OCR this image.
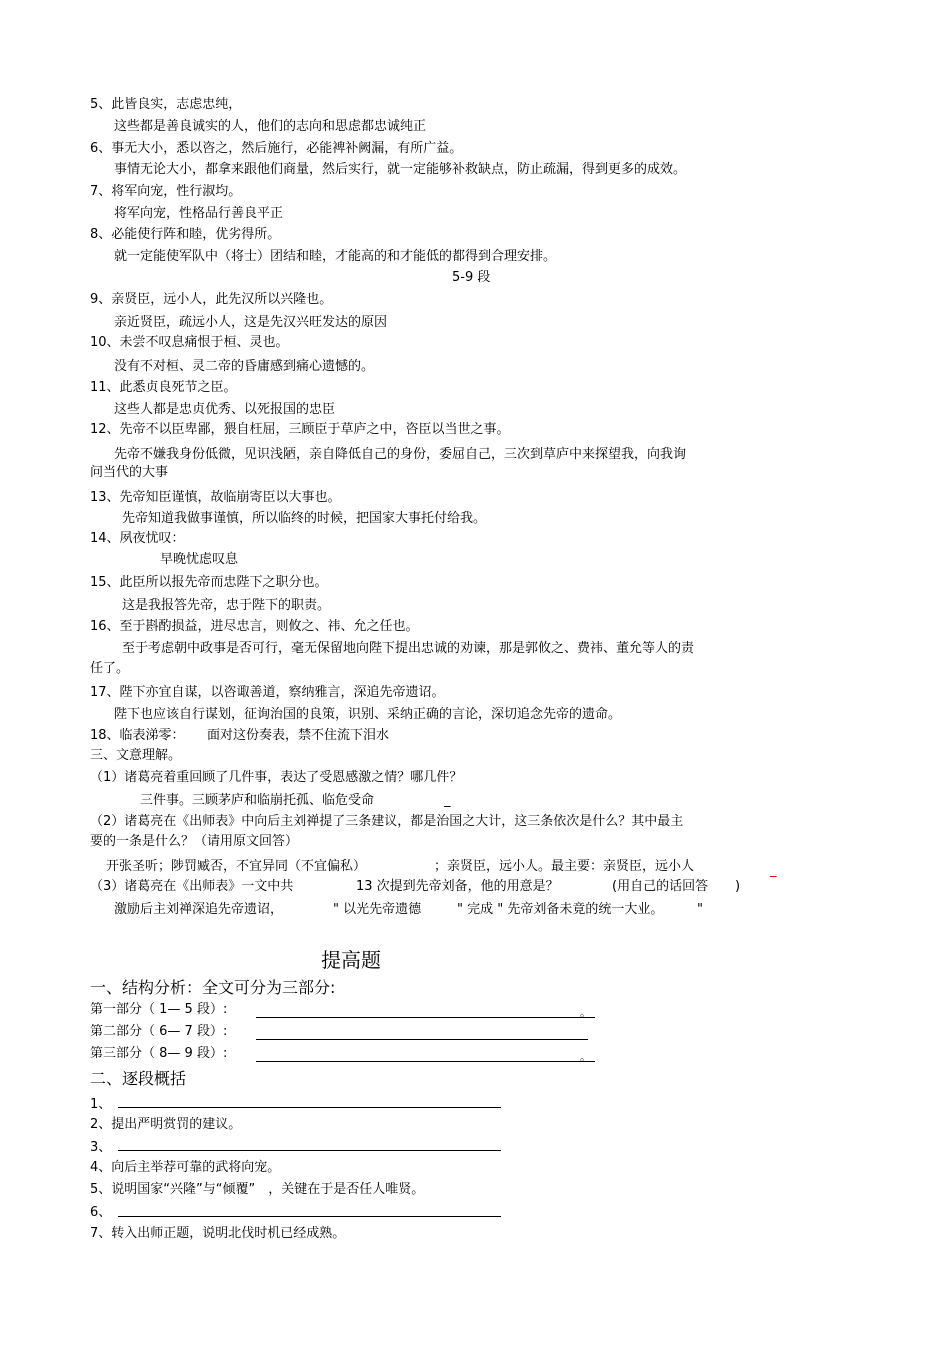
5、此皆良实，志虑忠纯，
这些都是善良诚实的人，他们的志向和思虑都忠诚纯正
6、事无大小，悉以咨之，然后施行，必能裨补阙漏，有所广益。
事情无论大小，都拿来跟他们商量，然后实行，就一定能够补救缺点，防止疏漏，得到更多的成效。
7、将军向宠，性行淑均。
将军向宠，性格品行善良平正
8、必能使行阵和睦，优劣得所。
就一定能使军队中（将士）团结和睦，才能高的和才能低的都得到合理安排。
5-9 段
9、亲贤臣，远小人，此先汉所以兴隆也。
亲近贤臣，疏远小人，这是先汉兴旺发达的原因
10、未尝不叹息痛恨于桓、灵也。
没有不对桓、灵二帝的昏庸感到痛心遗憾的。
11、此悉贞良死节之臣。
这些人都是忠贞优秀、以死报国的忠臣
12、先帝不以臣卑鄙，猥自枉屈，三顾臣于草庐之中，咨臣以当世之事。
先帝不嫌我身份低微，见识浅陋，亲自降低自己的身份，委屈自己，三次到草庐中来探望我，向我询
问当代的大事
13、先帝知臣谨慎，故临崩寄臣以大事也。
先帝知道我做事谨慎，所以临终的时候，把国家大事托付给我。
14、夙夜忧叹：
早晚忧虑叹息
15、此臣所以报先帝而忠陛下之职分也。
这是我报答先帝，忠于陛下的职责。
16、至于斟酌损益，进尽忠言，则攸之、祎、允之任也。
至于考虑朝中政事是否可行，毫无保留地向陛下提出忠诚的劝谏，那是郭攸之、费祎、董允等人的责
任了。
17、陛下亦宜自谋，以咨诹善道，察纳雅言，深追先帝遗诏。
陛下也应该自行谋划，征询治国的良策，识别、采纳正确的言论，深切追念先帝的遗命。
18、临表涕零： 面对这份奏表，禁不住流下泪水
三、文意理解。
（1）诸葛亮着重回顾了几件事，表达了受恩感激之情？哪几件？
三件事。三顾茅庐和临崩托孤、临危受命	_
（2）诸葛亮在《出师表》中向后主刘禅提了三条建议，都是治国之大计，这三条依次是什么？其中最主
要的一条是什么？（请用原文回答）
开张圣听；陟罚臧否，不宜异同（不宜偏私）	；亲贤臣，远小人。最主要：亲贤臣，远小人	_
（3）诸葛亮在《出师表》一文中共	13 次提到先帝刘备，他的用意是？	(用自己的话回答 )
激励后主刘禅深追先帝遗诏，	" 以光先帝遗德	" 完成 " 先帝刘备未竟的统一大业。	"
提高题
一、结构分析：全文可分为三部分:
第一部分（ 1— 5 段）:	。
第二部分（ 6— 7 段）:
第三部分（ 8— 9 段）:	。
二、逐段概括
1、
2、提出严明赏罚的建议。
3、
4、向后主举荐可靠的武将向宠。
5、说明国家“兴隆”与“倾覆”　，关键在于是否任人唯贤。
6、
7、转入出师正题，说明北伐时机已经成熟。
